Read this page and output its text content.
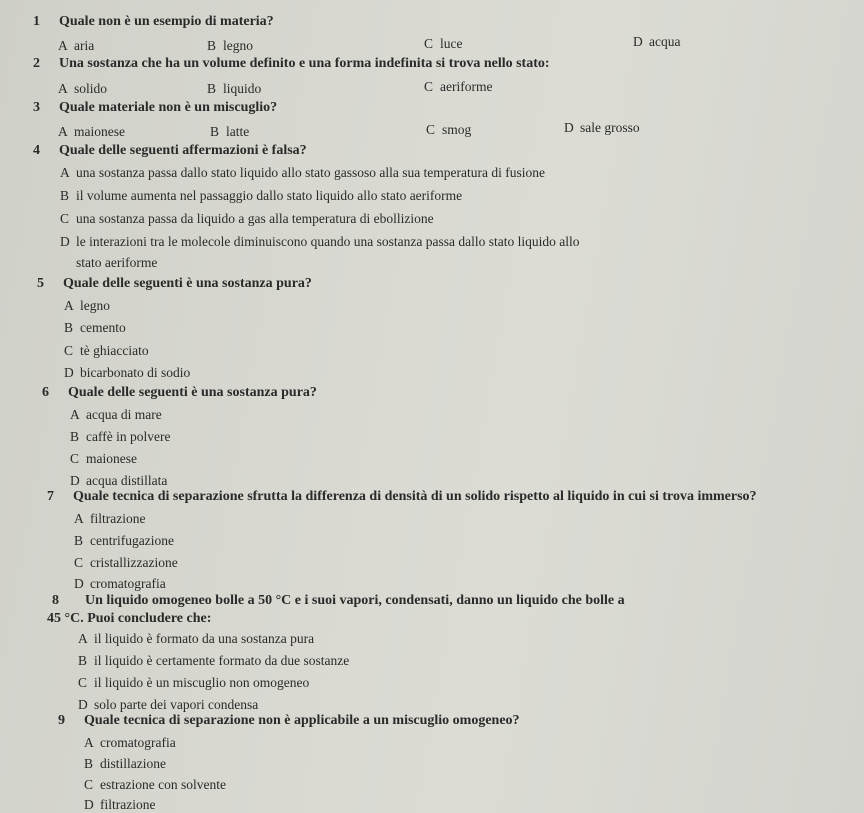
1 Quale non è un esempio di materia?
A aria	B legno	C luce	D acqua
2 Una sostanza che ha un volume definito e una forma indefinita si trova nello stato:
A solido	B liquido	C aeriforme
3 Quale materiale non è un miscuglio?
A maionese	B latte	C smog	D sale grosso
4 Quale delle seguenti affermazioni è falsa?
A una sostanza passa dallo stato liquido allo stato gassoso alla sua temperatura di fusione
B il volume aumenta nel passaggio dallo stato liquido allo stato aeriforme
C una sostanza passa da liquido a gas alla temperatura di ebollizione
D le interazioni tra le molecole diminuiscono quando una sostanza passa dallo stato liquido allo
stato aeriforme
5 Quale delle seguenti è una sostanza pura?
A legno
B cemento
C tè ghiacciato
D bicarbonato di sodio
6 Quale delle seguenti è una sostanza pura?
A acqua di mare
B caffè in polvere
C maionese
D acqua distillata
7 Quale tecnica di separazione sfrutta la differenza di densità di un solido rispetto al liquido in cui si trova immerso?
A filtrazione
B centrifugazione
C cristallizzazione
D cromatografia
8 Un liquido omogeneo bolle a 50 °C e i suoi vapori, condensati, danno un liquido che bolle a
45 °C. Puoi concludere che:
A il liquido è formato da una sostanza pura
B il liquido è certamente formato da due sostanze
C il liquido è un miscuglio non omogeneo
D solo parte dei vapori condensa
9 Quale tecnica di separazione non è applicabile a un miscuglio omogeneo?
A cromatografia
B distillazione
C estrazione con solvente
D filtrazione
